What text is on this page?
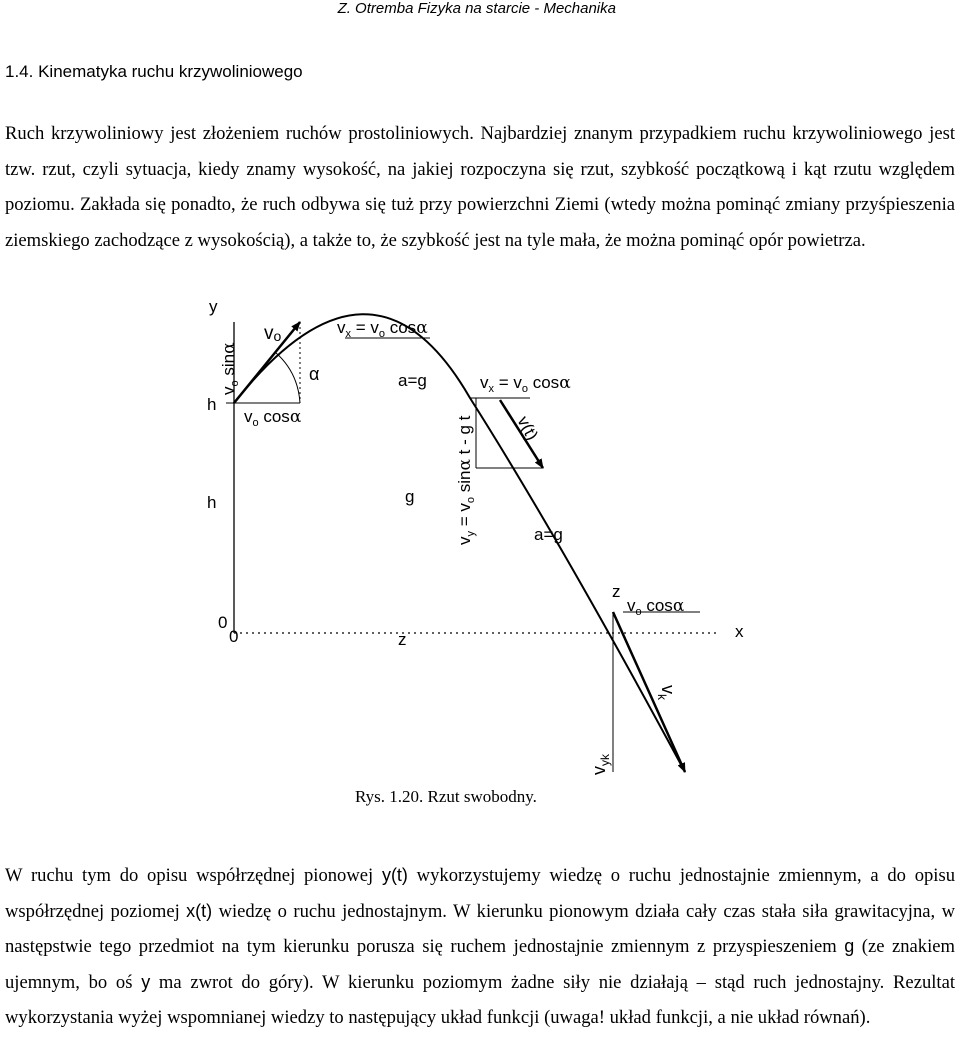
Z. Otremba Fizyka na starcie - Mechanika
1.4. Kinematyka ruchu krzywoliniowego

Ruch krzywoliniowy jest złożeniem ruchów prostoliniowych. Najbardziej znanym przypadkiem ruchu krzywoliniowego jest tzw. rzut, czyli sytuacja, kiedy znamy wysokość, na jakiej rozpoczyna się rzut, szybkość początkową i kąt rzutu względem poziomu. Zakłada się ponadto, że ruch odbywa się tuż przy powierzchni Ziemi (wtedy można pominąć zmiany przyśpieszenia ziemskiego zachodzące z wysokością), a także to, że szybkość jest na tyle mała, że można pominąć opór powietrza.

y
h
h
0
0	z
z
x
$v_o$ sinα
vo
α
$v_o$ cosα
$v_x = v_o$ cosα
a=g	$v_x = v_o$ cosα
v(t)
$v_y = v_o$ sinα t - g t
g
a=g
$v_o$ cosα
$v_k$
$v_{yk}$
Rys. 1.20. Rzut swobodny.

W ruchu tym do opisu współrzędnej pionowej y(t) wykorzystujemy wiedzę o ruchu jednostajnie zmiennym, a do opisu współrzędnej poziomej x(t) wiedzę o ruchu jednostajnym. W kierunku pionowym działa cały czas stała siła grawitacyjna, w następstwie tego przedmiot na tym kierunku porusza się ruchem jednostajnie zmiennym z przyspieszeniem g (ze znakiem ujemnym, bo oś y ma zwrot do góry). W kierunku poziomym żadne siły nie działają – stąd ruch jednostajny. Rezultat wykorzystania wyżej wspomnianej wiedzy to następujący układ funkcji (uwaga! układ funkcji, a nie układ równań).
